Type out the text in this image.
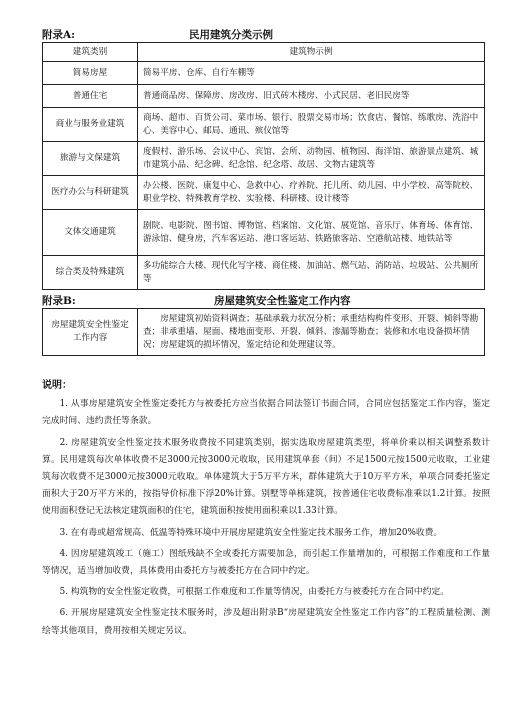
附录A:	民用建筑分类示例
建筑类别	建筑物示例
简易房屋	简易平房、仓库、自行车棚等
普通住宅	普通商品房、保障房、房改房、旧式砖木楼房、小式民居、老旧民房等
商业与服务业建筑	商场、超市、百货公司、菜市场、银行、股票交易市场；饮食店、餐馆、练歌房、洗浴中心、美容中心、邮局、通讯、殡仪馆等
旅游与文保建筑	度假村、游乐场、会议中心、宾馆、会所、动物园、植物园、海洋馆、旅游景点建筑、城市建筑小品、纪念碑、纪念馆、纪念塔、故居、文物古建筑等
医疗办公与科研建筑	办公楼、医院、康复中心、急救中心、疗养院、托儿所、幼儿园、中小学校、高等院校、职业学校、特殊教育学校、实验楼、科研楼、设计楼等
文体交通建筑	剧院、电影院、图书馆、博物馆、档案馆、文化馆、展览馆、音乐厅、体育场、体育馆、游泳馆、健身房，汽车客运站、港口客运站、铁路旅客站、空港航站楼、地铁站等
综合类及特殊建筑	多功能综合大楼、现代化写字楼、商住楼、加油站、燃气站、消防站、垃圾站、公共厕所等
附录B:	房屋建筑安全性鉴定工作内容
房屋建筑安全性鉴定工作内容	房屋建筑初始资料调查；基础承载力状况分析；承重结构构件变形、开裂、倾斜等勘查；非承重墙、屋面、楼地面变形、开裂、倾斜、渗漏等勘查；装修和水电设备损坏情况；房屋建筑的损坏情况，鉴定结论和处理建议等。
说明：

1. 从事房屋建筑安全性鉴定委托方与被委托方应当依据合同法签订书面合同，合同应包括鉴定工作内容，鉴定完成时间、违约责任等条款。

2. 房屋建筑安全性鉴定技术服务收费按不同建筑类别，据实选取房屋建筑类型，将单价乘以相关调整系数计算。民用建筑每次单体收费不足3000元按3000元收取，民用建筑单套（间）不足1500元按1500元收取，工业建筑每次收费不足3000元按3000元收取。单体建筑大于5万平方米，群体建筑大于10万平方米，单项合同委托鉴定面积大于20万平方米的，按指导价标准下浮20%计算。别墅等单栋建筑，按普通住宅收费标准乘以1.2计算。按照使用面积登记无法核定建筑面积的住宅，建筑面积按使用面积乘以1.33计算。

3. 在有毒或超常规高、低温等特殊环境中开展房屋建筑安全性鉴定技术服务工作，增加20%收费。

4. 因房屋建筑竣工（施工）图纸残缺不全或委托方需要加急，而引起工作量增加的，可根据工作难度和工作量等情况，适当增加收费，具体费用由委托方与被委托方在合同中约定。

5. 构筑物的安全性鉴定收费，可根据工作难度和工作量等情况，由委托方与被委托方在合同中约定。

6. 开展房屋建筑安全性鉴定技术服务时，涉及超出附录B“房屋建筑安全性鉴定工作内容”的工程质量检测、测绘等其他项目，费用按相关规定另议。
